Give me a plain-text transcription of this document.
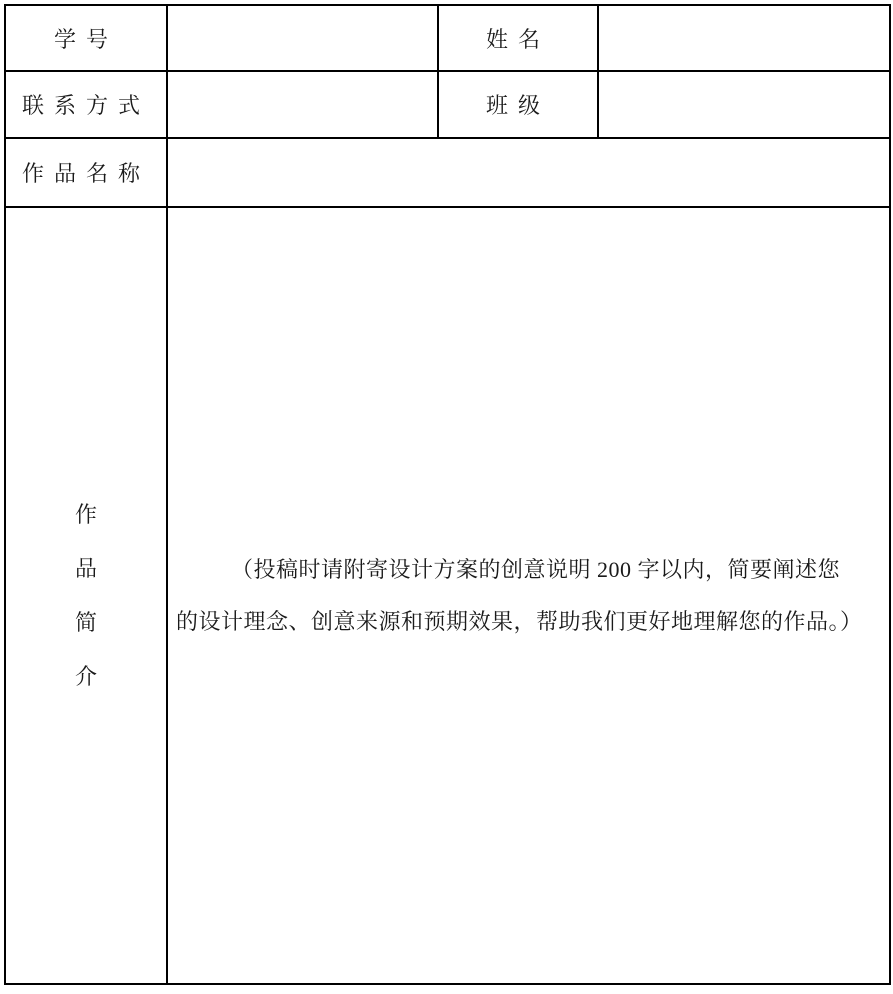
学号		姓名	
联系方式		班级	
作品名称			

作
品
简
介

（投稿时请附寄设计方案的创意说明 200 字以内，简要阐述您
的设计理念、创意来源和预期效果，帮助我们更好地理解您的作品。）
